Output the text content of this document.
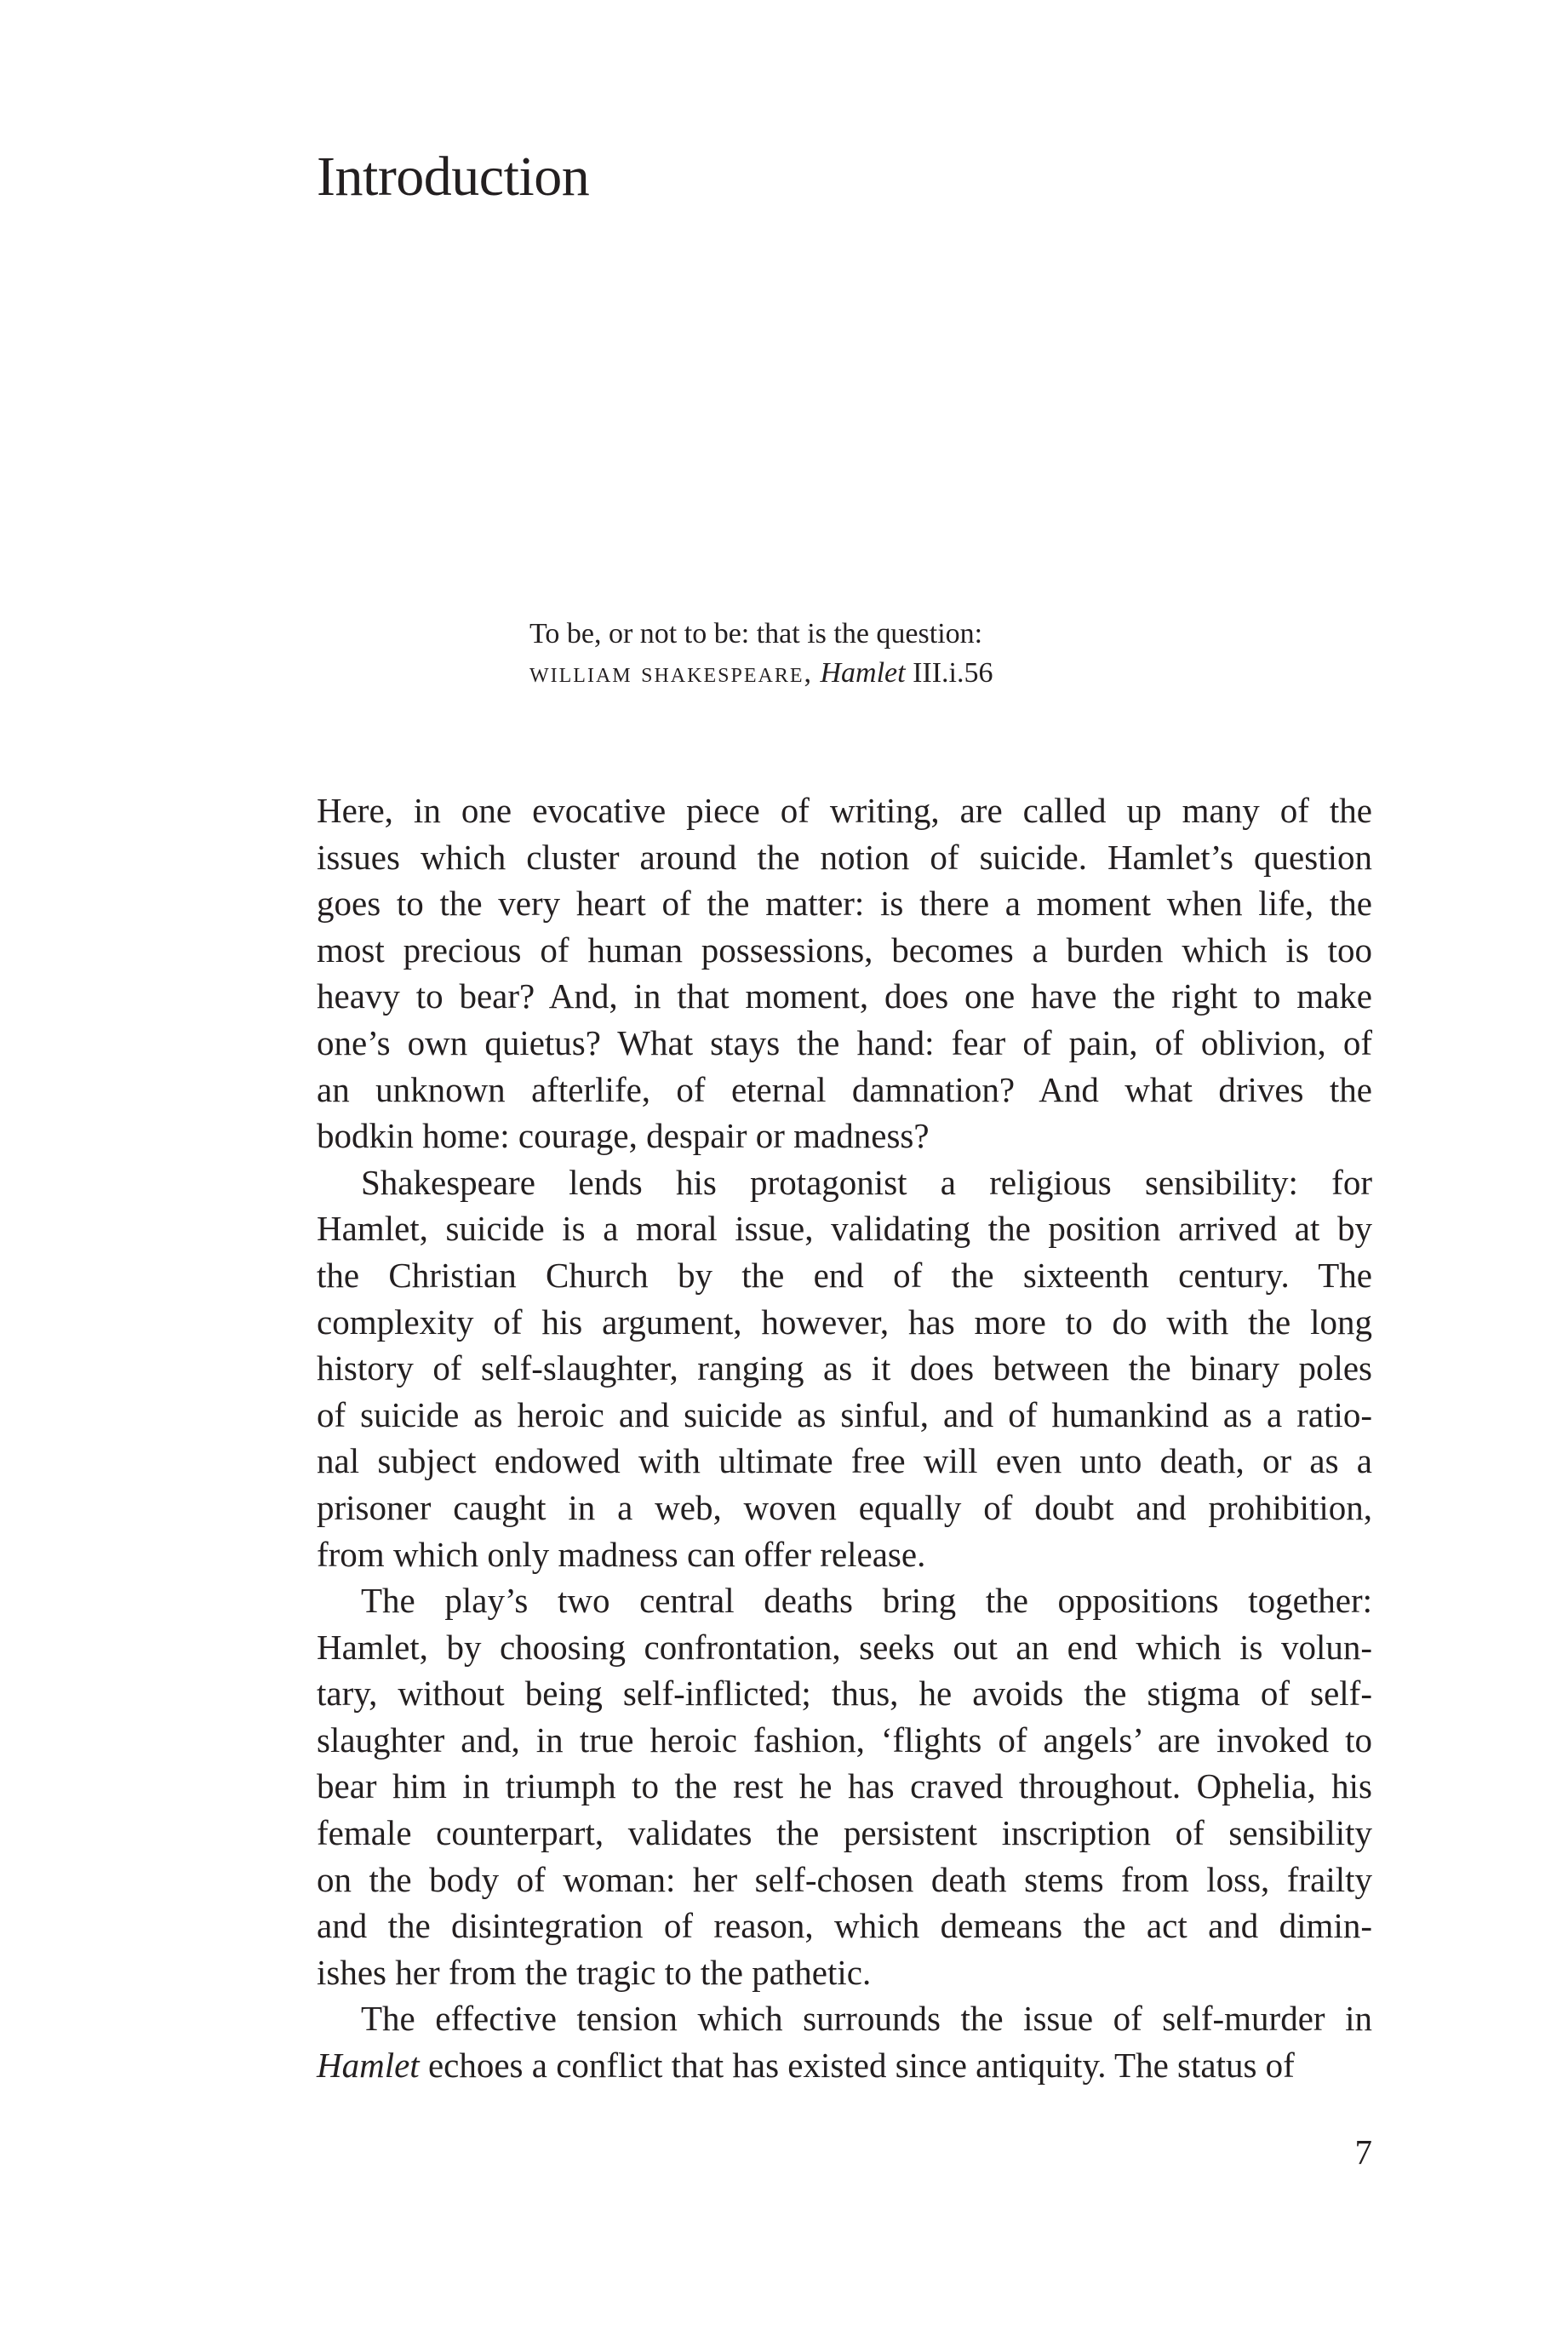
Introduction
To be, or not to be: that is the question:
william shakespeare, Hamlet III.i.56
Here, in one evocative piece of writing, are called up many of the
issues which cluster around the notion of suicide. Hamlet’s question
goes to the very heart of the matter: is there a moment when life, the
most precious of human possessions, becomes a burden which is too
heavy to bear? And, in that moment, does one have the right to make
one’s own quietus? What stays the hand: fear of pain, of oblivion, of
an unknown afterlife, of eternal damnation? And what drives the
bodkin home: courage, despair or madness?
Shakespeare lends his protagonist a religious sensibility: for
Hamlet, suicide is a moral issue, validating the position arrived at by
the Christian Church by the end of the sixteenth century. The
complexity of his argument, however, has more to do with the long
history of self-slaughter, ranging as it does between the binary poles
of suicide as heroic and suicide as sinful, and of humankind as a ratio-
nal subject endowed with ultimate free will even unto death, or as a
prisoner caught in a web, woven equally of doubt and prohibition,
from which only madness can offer release.
The play’s two central deaths bring the oppositions together:
Hamlet, by choosing confrontation, seeks out an end which is volun-
tary, without being self-inflicted; thus, he avoids the stigma of self-
slaughter and, in true heroic fashion, ‘flights of angels’ are invoked to
bear him in triumph to the rest he has craved throughout. Ophelia, his
female counterpart, validates the persistent inscription of sensibility
on the body of woman: her self-chosen death stems from loss, frailty
and the disintegration of reason, which demeans the act and dimin-
ishes her from the tragic to the pathetic.
The effective tension which surrounds the issue of self-murder in
Hamlet echoes a conflict that has existed since antiquity. The status of
7
